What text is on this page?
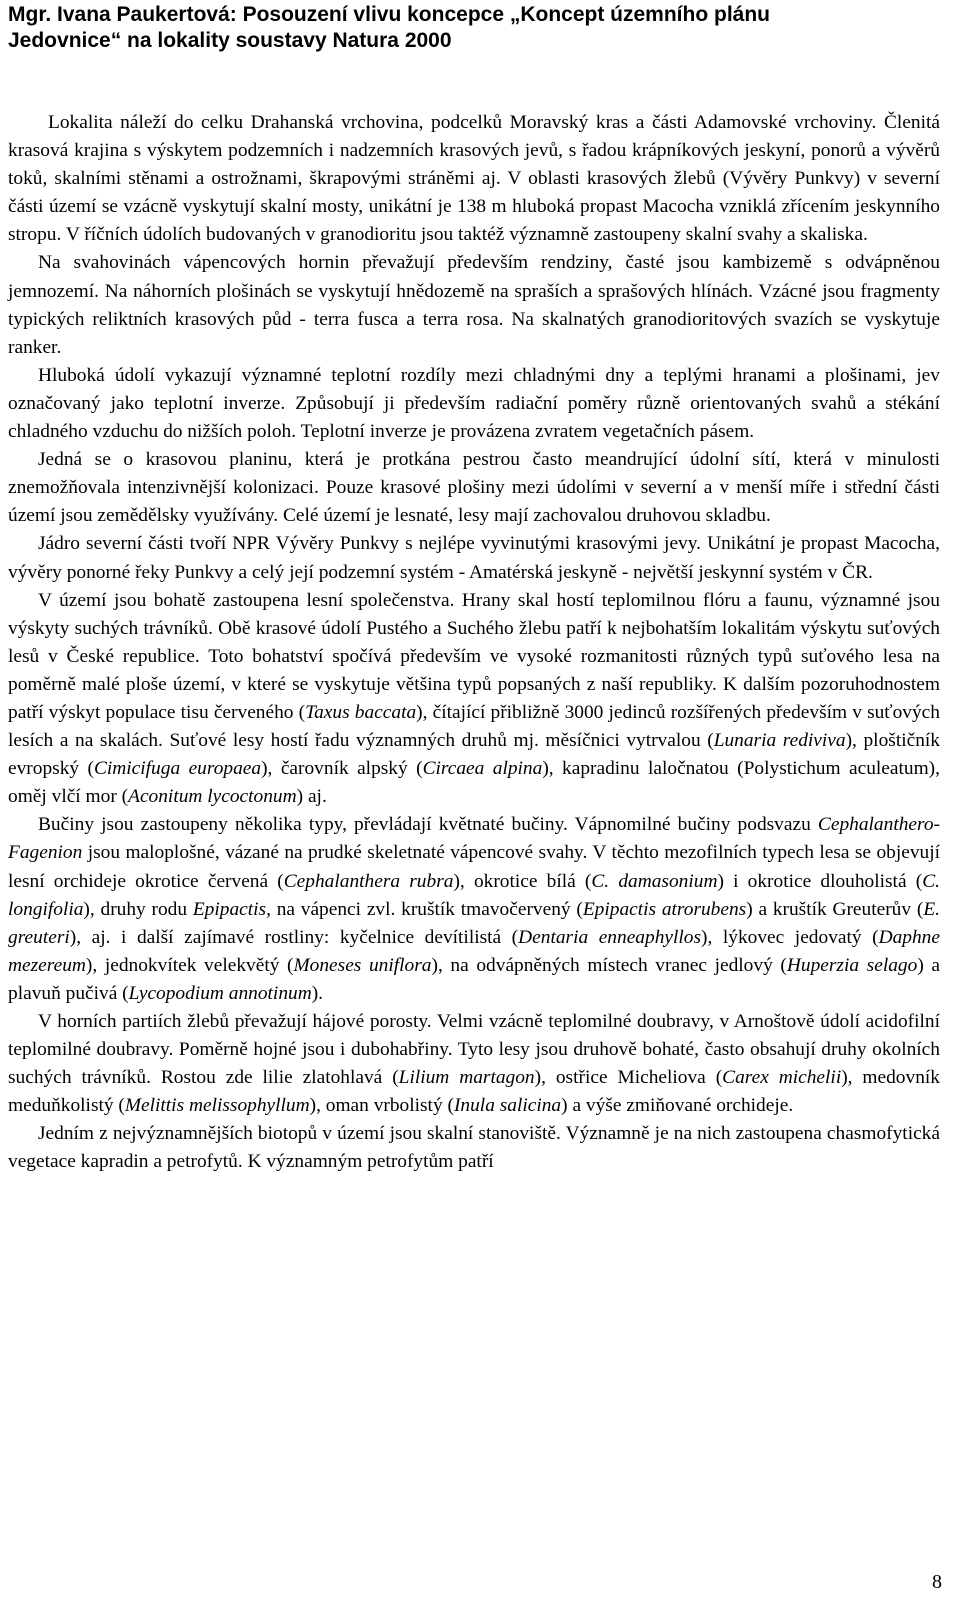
Mgr. Ivana Paukertová: Posouzení vlivu koncepce „Koncept územního plánu
Jedovnice“ na lokality soustavy Natura 2000

Lokalita náleží do celku Drahanská vrchovina, podcelků Moravský kras a části Adamovské vrchoviny. Členitá krasová krajina s výskytem podzemních i nadzemních krasových jevů, s řadou krápníkových jeskyní, ponorů a vývěrů toků, skalními stěnami a ostrožnami, škrapovými stráněmi aj. V oblasti krasových žlebů (Vývěry Punkvy) v severní části území se vzácně vyskytují skalní mosty, unikátní je 138 m hluboká propast Macocha vzniklá zřícením jeskynního stropu. V říčních údolích budovaných v granodioritu jsou taktéž významně zastoupeny skalní svahy a skaliska.

Na svahovinách vápencových hornin převažují především rendziny, časté jsou kambizemě s odvápněnou jemnozemí. Na náhorních plošinách se vyskytují hnědozemě na spraších a sprašových hlínách. Vzácné jsou fragmenty typických reliktních krasových půd - terra fusca a terra rosa. Na skalnatých granodioritových svazích se vyskytuje ranker.

Hluboká údolí vykazují významné teplotní rozdíly mezi chladnými dny a teplými hranami a plošinami, jev označovaný jako teplotní inverze. Způsobují ji především radiační poměry různě orientovaných svahů a stékání chladného vzduchu do nižších poloh. Teplotní inverze je provázena zvratem vegetačních pásem.

Jedná se o krasovou planinu, která je protkána pestrou často meandrující údolní sítí, která v minulosti znemožňovala intenzivnější kolonizaci. Pouze krasové plošiny mezi údolími v severní a v menší míře i střední části území jsou zemědělsky využívány. Celé území je lesnaté, lesy mají zachovalou druhovou skladbu.

Jádro severní části tvoří NPR Vývěry Punkvy s nejlépe vyvinutými krasovými jevy. Unikátní je propast Macocha, vývěry ponorné řeky Punkvy a celý její podzemní systém - Amatérská jeskyně - největší jeskynní systém v ČR.

V území jsou bohatě zastoupena lesní společenstva. Hrany skal hostí teplomilnou flóru a faunu, významné jsou výskyty suchých trávníků. Obě krasové údolí Pustého a Suchého žlebu patří k nejbohatším lokalitám výskytu suťových lesů v České republice. Toto bohatství spočívá především ve vysoké rozmanitosti různých typů suťového lesa na poměrně malé ploše území, v které se vyskytuje většina typů popsaných z naší republiky. K dalším pozoruhodnostem patří výskyt populace tisu červeného (Taxus baccata), čítající přibližně 3000 jedinců rozšířených především v suťových lesích a na skalách. Suťové lesy hostí řadu významných druhů mj. měsíčnici vytrvalou (Lunaria rediviva), ploštičník evropský (Cimicifuga europaea), čarovník alpský (Circaea alpina), kapradinu laločnatou (Polystichum aculeatum), oměj vlčí mor (Aconitum lycoctonum) aj.

Bučiny jsou zastoupeny několika typy, převládají květnaté bučiny. Vápnomilné bučiny podsvazu Cephalanthero-Fagenion jsou maloplošné, vázané na prudké skeletnaté vápencové svahy. V těchto mezofilních typech lesa se objevují lesní orchideje okrotice červená (Cephalanthera rubra), okrotice bílá (C. damasonium) i okrotice dlouholistá (C. longifolia), druhy rodu Epipactis, na vápenci zvl. kruštík tmavočervený (Epipactis atrorubens) a kruštík Greuterův (E. greuteri), aj. i další zajímavé rostliny: kyčelnice devítilistá (Dentaria enneaphyllos), lýkovec jedovatý (Daphne mezereum), jednokvítek velekvětý (Moneses uniflora), na odvápněných místech vranec jedlový (Huperzia selago) a plavuň pučivá (Lycopodium annotinum).

V horních partiích žlebů převažují hájové porosty. Velmi vzácně teplomilné doubravy, v Arnoštově údolí acidofilní teplomilné doubravy. Poměrně hojné jsou i dubohabřiny. Tyto lesy jsou druhově bohaté, často obsahují druhy okolních suchých trávníků. Rostou zde lilie zlatohlavá (Lilium martagon), ostřice Micheliova (Carex michelii), medovník meduňkolistý (Melittis melissophyllum), oman vrbolistý (Inula salicina) a výše zmiňované orchideje.

Jedním z nejvýznamnějších biotopů v území jsou skalní stanoviště. Významně je na nich zastoupena chasmofytická vegetace kapradin a petrofytů. K významným petrofytům patří

8
